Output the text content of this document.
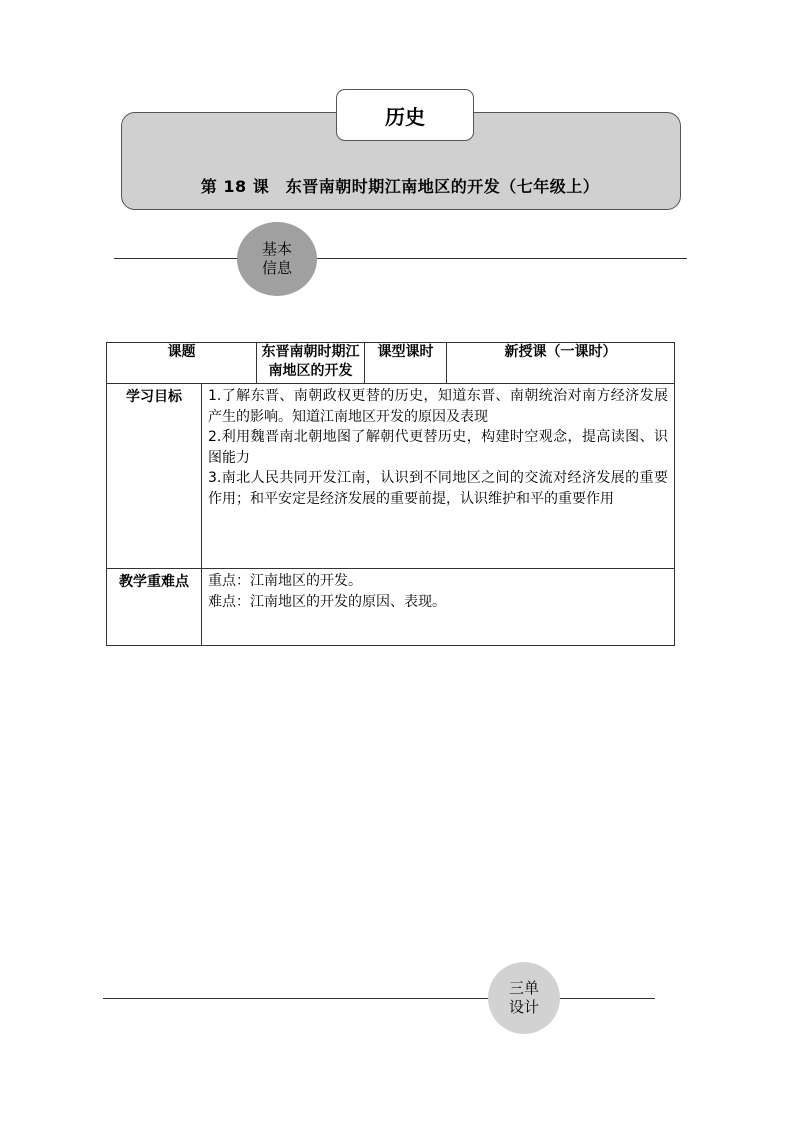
历史
第 18 课　东晋南朝时期江南地区的开发（七年级上）
基本
信息
课题		东晋南朝时期江南地区的开发	课型课时	新授课（一课时）
学习目标	1.了解东晋、南朝政权更替的历史，知道东晋、南朝统治对南方经济发展产生的影响。知道江南地区开发的原因及表现
2.利用魏晋南北朝地图了解朝代更替历史，构建时空观念，提高读图、识图能力
3.南北人民共同开发江南，认识到不同地区之间的交流对经济发展的重要作用；和平安定是经济发展的重要前提，认识维护和平的重要作用			

教学重难点	重点：江南地区的开发。
难点：江南地区的开发的原因、表现。			
三单
设计
